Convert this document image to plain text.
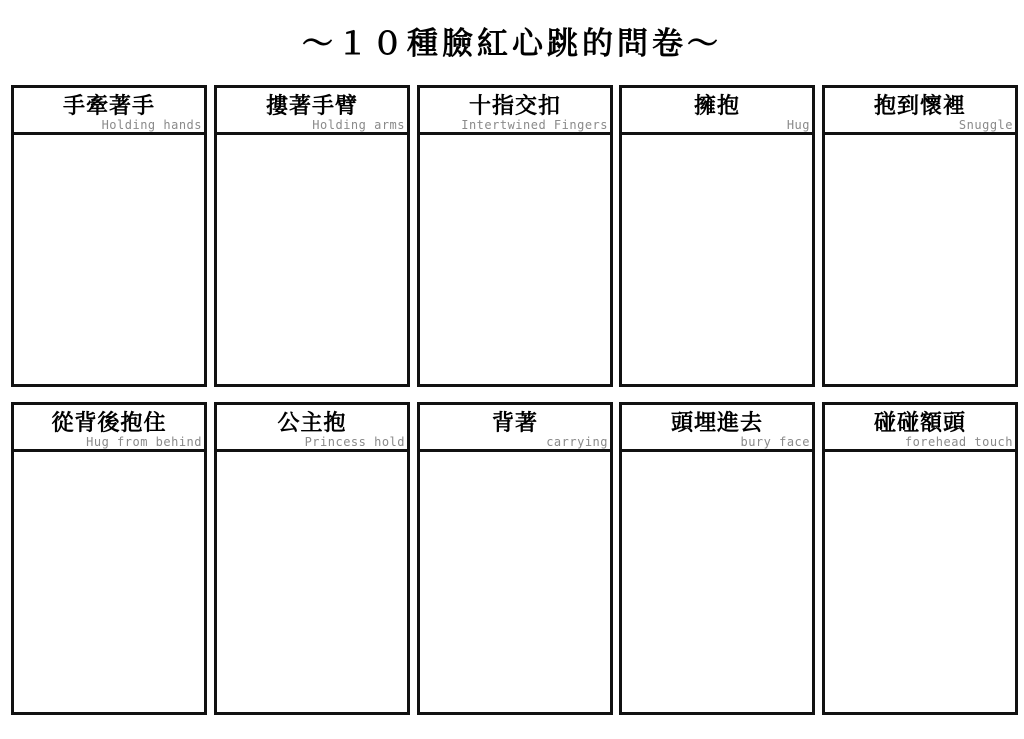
～１０種臉紅心跳的問卷～
手牽著手
Holding hands
摟著手臂
Holding arms
十指交扣
Intertwined Fingers
擁抱
Hug
抱到懷裡
Snuggle
從背後抱住
Hug from behind
公主抱
Princess hold
背著
carrying
頭埋進去
bury face
碰碰額頭
forehead touch
